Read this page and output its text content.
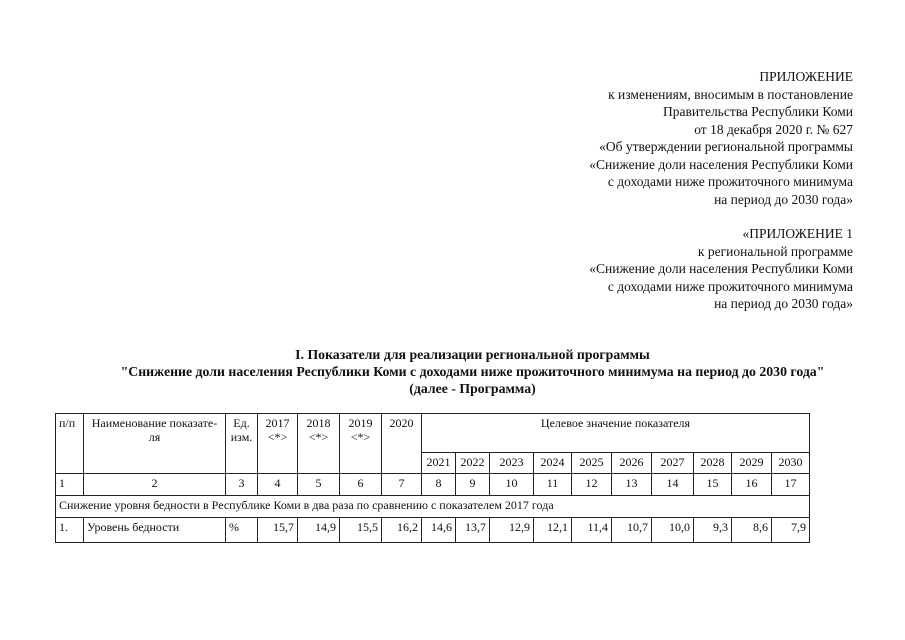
ПРИЛОЖЕНИЕ
к изменениям, вносимым в постановление
Правительства Республики Коми
от 18 декабря 2020 г. № 627
«Об утверждении региональной программы
«Снижение доли населения Республики Коми
с доходами ниже прожиточного минимума
на период до 2030 года»
«ПРИЛОЖЕНИЕ 1
к региональной программе
«Снижение доли населения Республики Коми
с доходами ниже прожиточного минимума
на период до 2030 года»
I. Показатели для реализации региональной программы
"Снижение доли населения Республики Коми с доходами ниже прожиточного минимума на период до 2030 года"
(далее - Программа)
п/п	Наименование показате-ля	Ед. изм.	2017 <*>	2018 <*>	2019 <*>	2020	Целевое значение показателя									
							2021	2022	2023	2024	2025	2026	2027	2028	2029	2030
1	2	3	4	5	6	7	8	9	10	11	12	13	14	15	16	17
Снижение уровня бедности в Республике Коми в два раза по сравнению с показателем 2017 года																
1.	Уровень бедности	%	15,7	14,9	15,5	16,2	14,6	13,7	12,9	12,1	11,4	10,7	10,0	9,3	8,6	7,9
